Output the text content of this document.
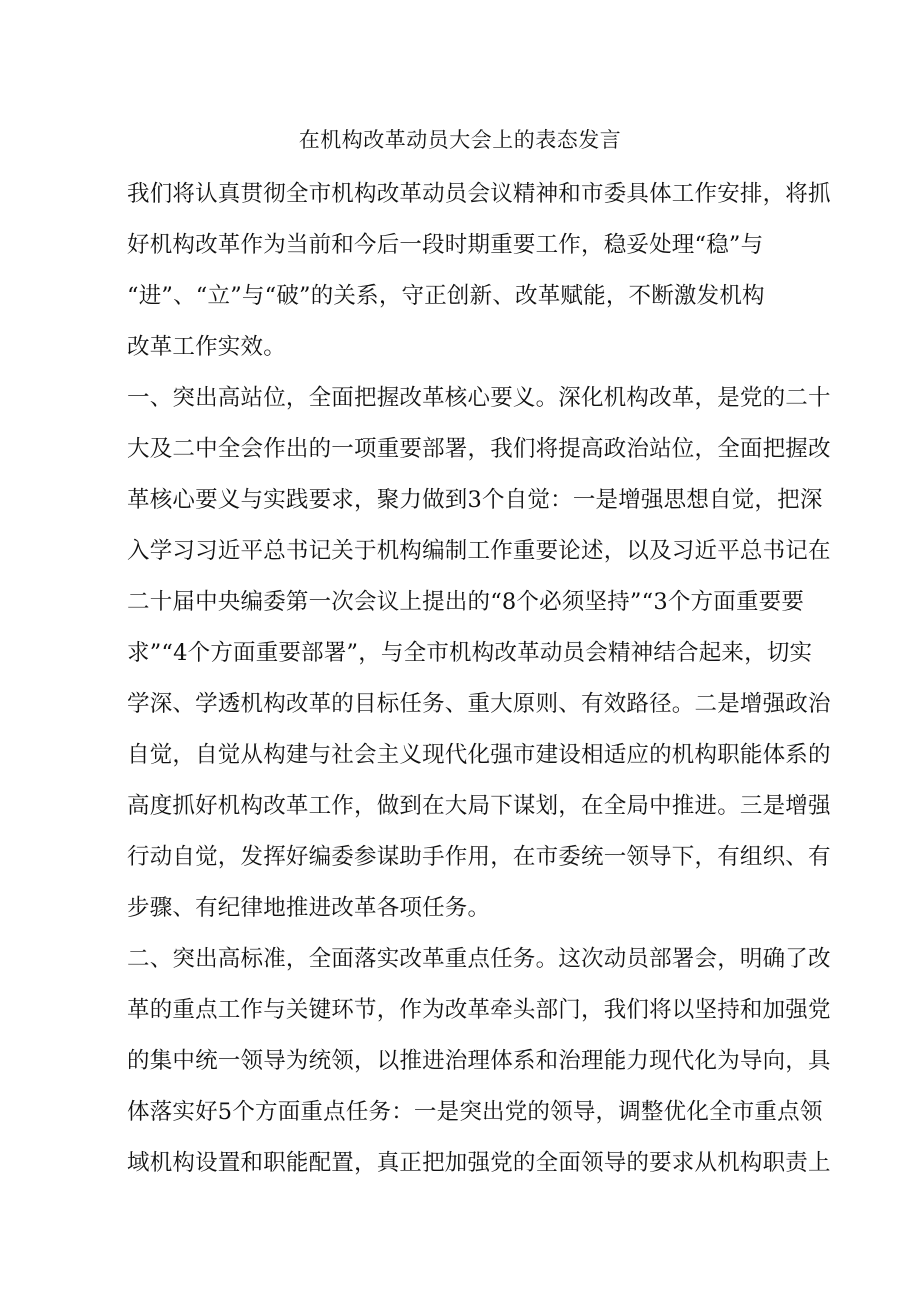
在机构改革动员大会上的表态发言
我们将认真贯彻全市机构改革动员会议精神和市委具体工作安排，将抓
好机构改革作为当前和今后一段时期重要工作，稳妥处理“稳”与
“进”、“立”与“破”的关系，守正创新、改革赋能，不断激发机构
改革工作实效。
一、突出高站位，全面把握改革核心要义。深化机构改革，是党的二十
大及二中全会作出的一项重要部署，我们将提高政治站位，全面把握改
革核心要义与实践要求，聚力做到3个自觉：一是增强思想自觉，把深
入学习习近平总书记关于机构编制工作重要论述，以及习近平总书记在
二十届中央编委第一次会议上提出的“8个必须坚持”“3个方面重要要
求”“4个方面重要部署”，与全市机构改革动员会精神结合起来，切实
学深、学透机构改革的目标任务、重大原则、有效路径。二是增强政治
自觉，自觉从构建与社会主义现代化强市建设相适应的机构职能体系的
高度抓好机构改革工作，做到在大局下谋划，在全局中推进。三是增强
行动自觉，发挥好编委参谋助手作用，在市委统一领导下，有组织、有
步骤、有纪律地推进改革各项任务。
二、突出高标准，全面落实改革重点任务。这次动员部署会，明确了改
革的重点工作与关键环节，作为改革牵头部门，我们将以坚持和加强党
的集中统一领导为统领，以推进治理体系和治理能力现代化为导向，具
体落实好5个方面重点任务：一是突出党的领导，调整优化全市重点领
域机构设置和职能配置，真正把加强党的全面领导的要求从机构职责上
